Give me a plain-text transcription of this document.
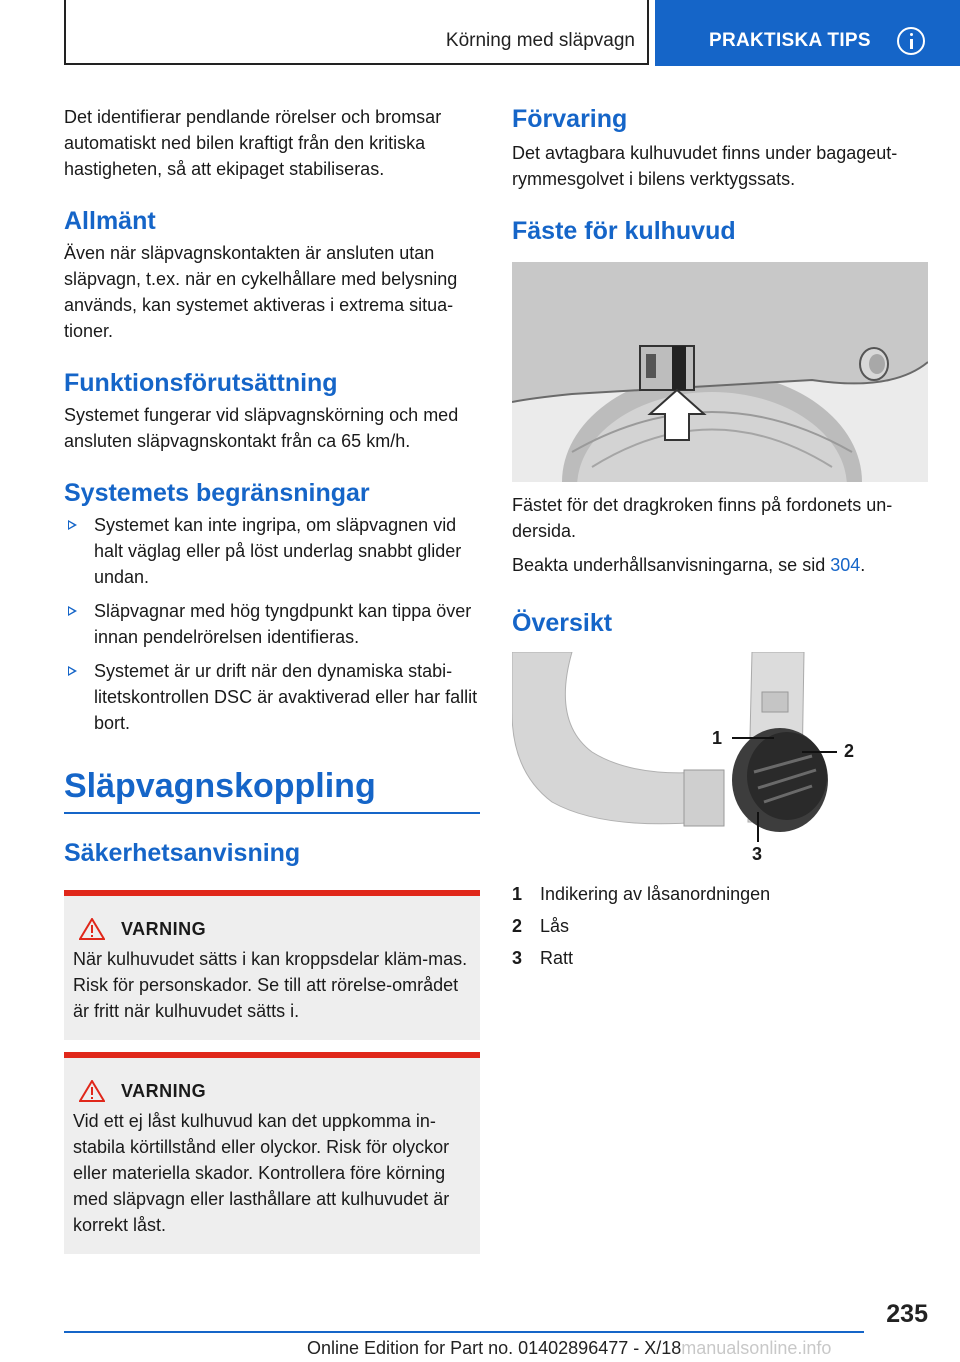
Körning med släpvagn	PRAKTISKA TIPS

Det identifierar pendlande rörelser och bromsar automatiskt ned bilen kraftigt från den kritiska hastigheten, så att ekipaget stabiliseras.

Allmänt

Även när släpvagnskontakten är ansluten utan släpvagn, t.ex. när en cykelhållare med belysning används, kan systemet aktiveras i extrema situa-tioner.

Funktionsförutsättning

Systemet fungerar vid släpvagnskörning och med ansluten släpvagnskontakt från ca 65 km/h.

Systemets begränsningar
Systemet kan inte ingripa, om släpvagnen vid halt väglag eller på löst underlag snabbt glider undan.
Släpvagnar med hög tyngdpunkt kan tippa över innan pendelrörelsen identifieras.
Systemet är ur drift när den dynamiska stabi-litetskontrollen DSC är avaktiverad eller har fallit bort.
Släpvagnskoppling
Säkerhetsanvisning
VARNING

När kulhuvudet sätts i kan kroppsdelar kläm-mas. Risk för personskador. Se till att rörelse-området är fritt när kulhuvudet sätts i.

VARNING

Vid ett ej låst kulhuvud kan det uppkomma in-stabila körtillstånd eller olyckor. Risk för olyckor eller materiella skador. Kontrollera före körning med släpvagn eller lasthållare att kulhuvudet är korrekt låst.

Förvaring

Det avtagbara kulhuvudet finns under bagageut-rymmesgolvet i bilens verktygssats.

Fäste för kulhuvud

Fästet för det dragkroken finns på fordonets un-dersida.

Beakta underhållsanvisningarna, se sid 304.

Översikt
1
2
3
1 Indikering av låsanordningen
2 Lås
3 Ratt
235
Online Edition for Part no. 01402896477 - X/18manualsonline.info
